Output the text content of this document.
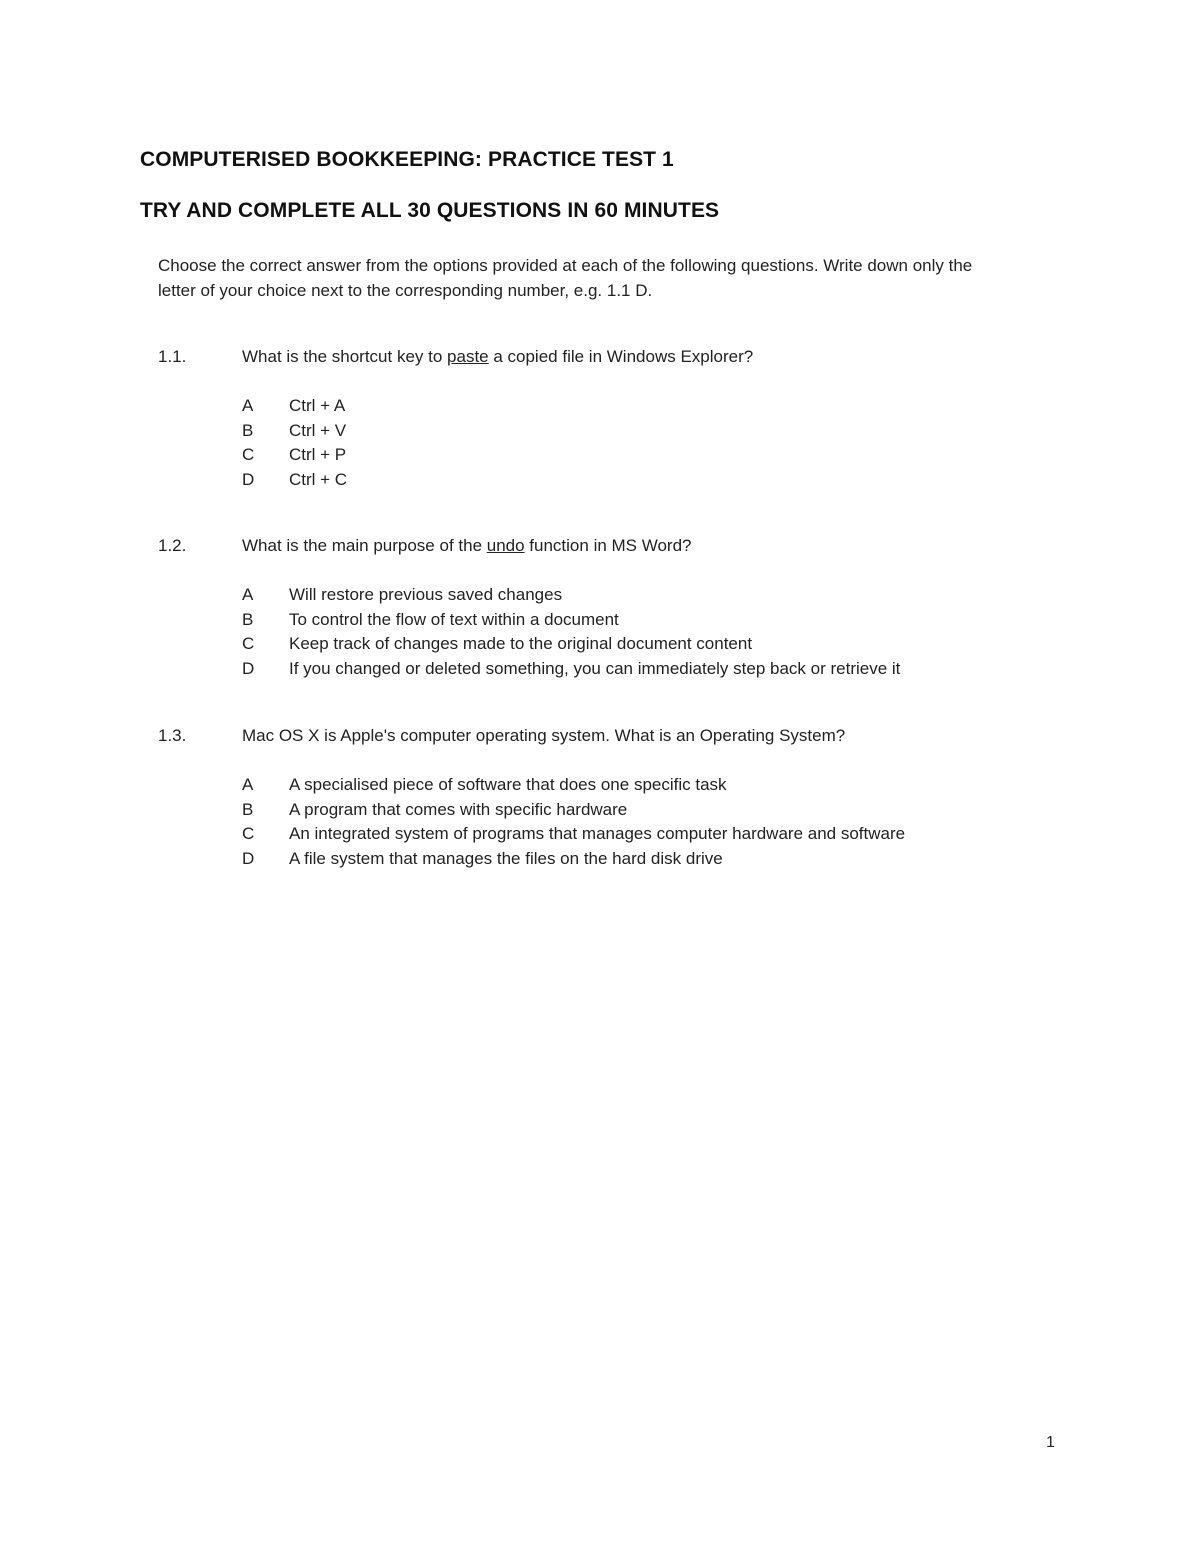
COMPUTERISED BOOKKEEPING: PRACTICE TEST 1
TRY AND COMPLETE ALL 30 QUESTIONS IN 60 MINUTES
Choose the correct answer from the options provided at each of the following questions. Write down only the
letter of your choice next to the corresponding number, e.g. 1.1 D.
1.1.	What is the shortcut key to paste a copied file in Windows Explorer?
A	Ctrl + A
B	Ctrl + V
C	Ctrl + P
D	Ctrl + C
1.2.	What is the main purpose of the undo function in MS Word?
A	Will restore previous saved changes
B	To control the flow of text within a document
C	Keep track of changes made to the original document content
D	If you changed or deleted something, you can immediately step back or retrieve it
1.3.	Mac OS X is Apple's computer operating system. What is an Operating System?
A	A specialised piece of software that does one specific task
B	A program that comes with specific hardware
C	An integrated system of programs that manages computer hardware and software
D	A file system that manages the files on the hard disk drive
1
